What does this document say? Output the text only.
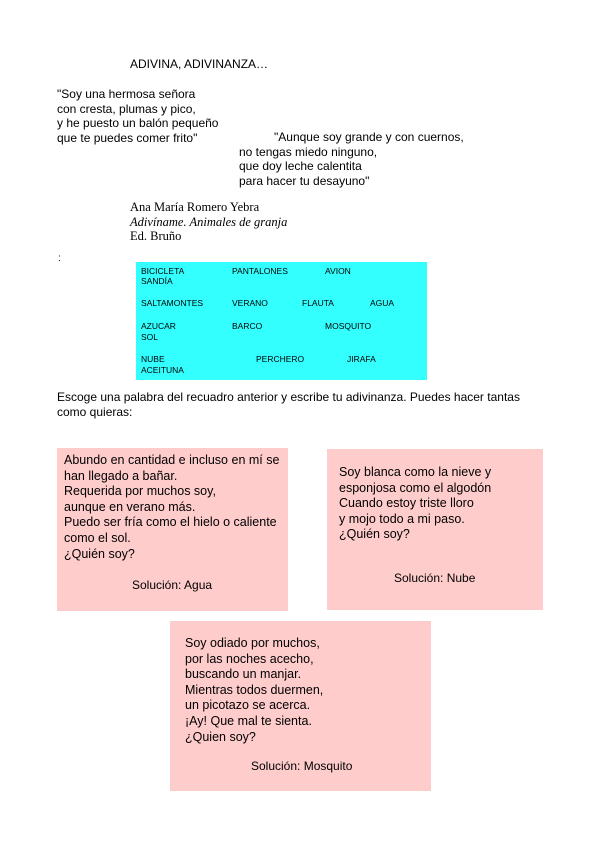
ADIVINA, ADIVINANZA…
"Soy una hermosa señora
con cresta, plumas y pico,
y he puesto un balón pequeño
que te puedes comer frito"	"Aunque soy grande y con cuernos,
no tengas miedo ninguno,
que doy leche calentita
para hacer tu desayuno"
Ana María Romero Yebra
Adivíname. Animales de granja
Ed. Bruño
:
BICICLETA	PANTALONES	AVION
SANDÍA
SALTAMONTES	VERANO	FLAUTA	AGUA
AZUCAR	BARCO	MOSQUITO
SOL
NUBE	PERCHERO	JIRAFA
ACEITUNA
Escoge una palabra del recuadro anterior y escribe tu adivinanza. Puedes hacer tantas
como quieras:
Abundo en cantidad e incluso en mí se
han llegado a bañar.
Requerida por muchos soy,
aunque en verano más.
Puedo ser fría como el hielo o caliente
como el sol.
¿Quién soy?
Solución: Agua
Soy blanca como la nieve y
esponjosa como el algodón
Cuando estoy triste lloro
y mojo todo a mi paso.
¿Quién soy?
Solución: Nube
Soy odiado por muchos,
por las noches acecho,
buscando un manjar.
Mientras todos duermen,
un picotazo se acerca.
¡Ay! Que mal te sienta.
¿Quien soy?
Solución: Mosquito
